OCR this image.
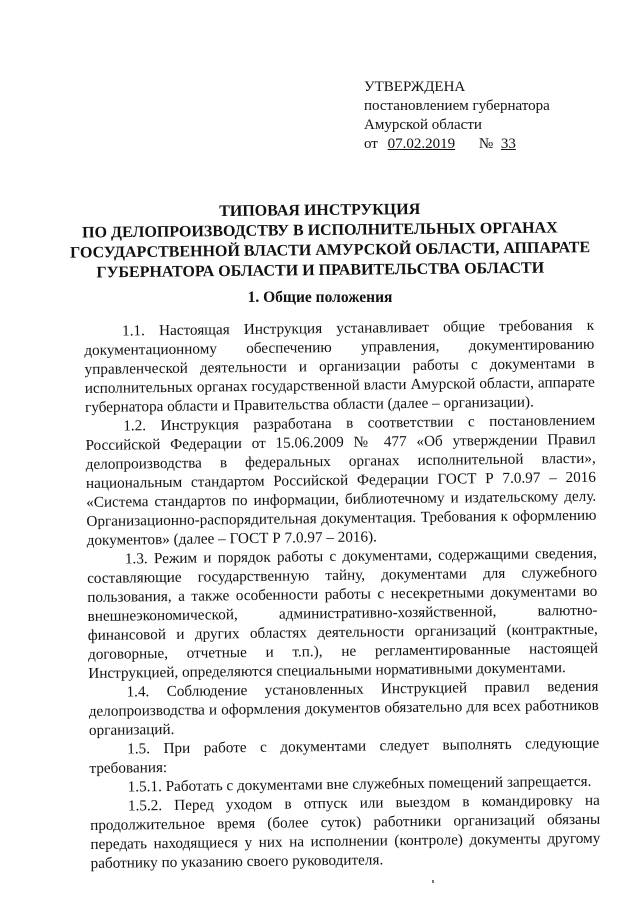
УТВЕРЖДЕНА
постановлением губернатора
Амурской области
от 07.02.2019 № 33
ТИПОВАЯ ИНСТРУКЦИЯ
ПО ДЕЛОПРОИЗВОДСТВУ В ИСПОЛНИТЕЛЬНЫХ ОРГАНАХ
ГОСУДАРСТВЕННОЙ ВЛАСТИ АМУРСКОЙ ОБЛАСТИ, АППАРАТЕ
ГУБЕРНАТОРА ОБЛАСТИ И ПРАВИТЕЛЬСТВА ОБЛАСТИ
1. Общие положения

1.1. Настоящая Инструкция устанавливает общие требования к документационному обеспечению управления, документированию управленческой деятельности и организации работы с документами в исполнительных органах государственной власти Амурской области, аппарате губернатора области и Правительства области (далее – организации).

1.2. Инструкция разработана в соответствии с постановлением Российской Федерации от 15.06.2009 № 477 «Об утверждении Правил делопроизводства в федеральных органах исполнительной власти», национальным стандартом Российской Федерации ГОСТ Р 7.0.97 – 2016 «Система стандартов по информации, библиотечному и издательскому делу. Организационно-распорядительная документация. Требования к оформлению документов» (далее – ГОСТ Р 7.0.97 – 2016).

1.3. Режим и порядок работы с документами, содержащими сведения, составляющие государственную тайну, документами для служебного пользования, а также особенности работы с несекретными документами во внешнеэкономической, административно-хозяйственной, валютно-финансовой и других областях деятельности организаций (контрактные, договорные, отчетные и т.п.), не регламентированные настоящей Инструкцией, определяются специальными нормативными документами.

1.4. Соблюдение установленных Инструкцией правил ведения делопроизводства и оформления документов обязательно для всех работников организаций.

1.5. При работе с документами следует выполнять следующие требования:

1.5.1. Работать с документами вне служебных помещений запрещается.

1.5.2. Перед уходом в отпуск или выездом в командировку на продолжительное время (более суток) работники организаций обязаны передать находящиеся у них на исполнении (контроле) документы другому работнику по указанию своего руководителя.
